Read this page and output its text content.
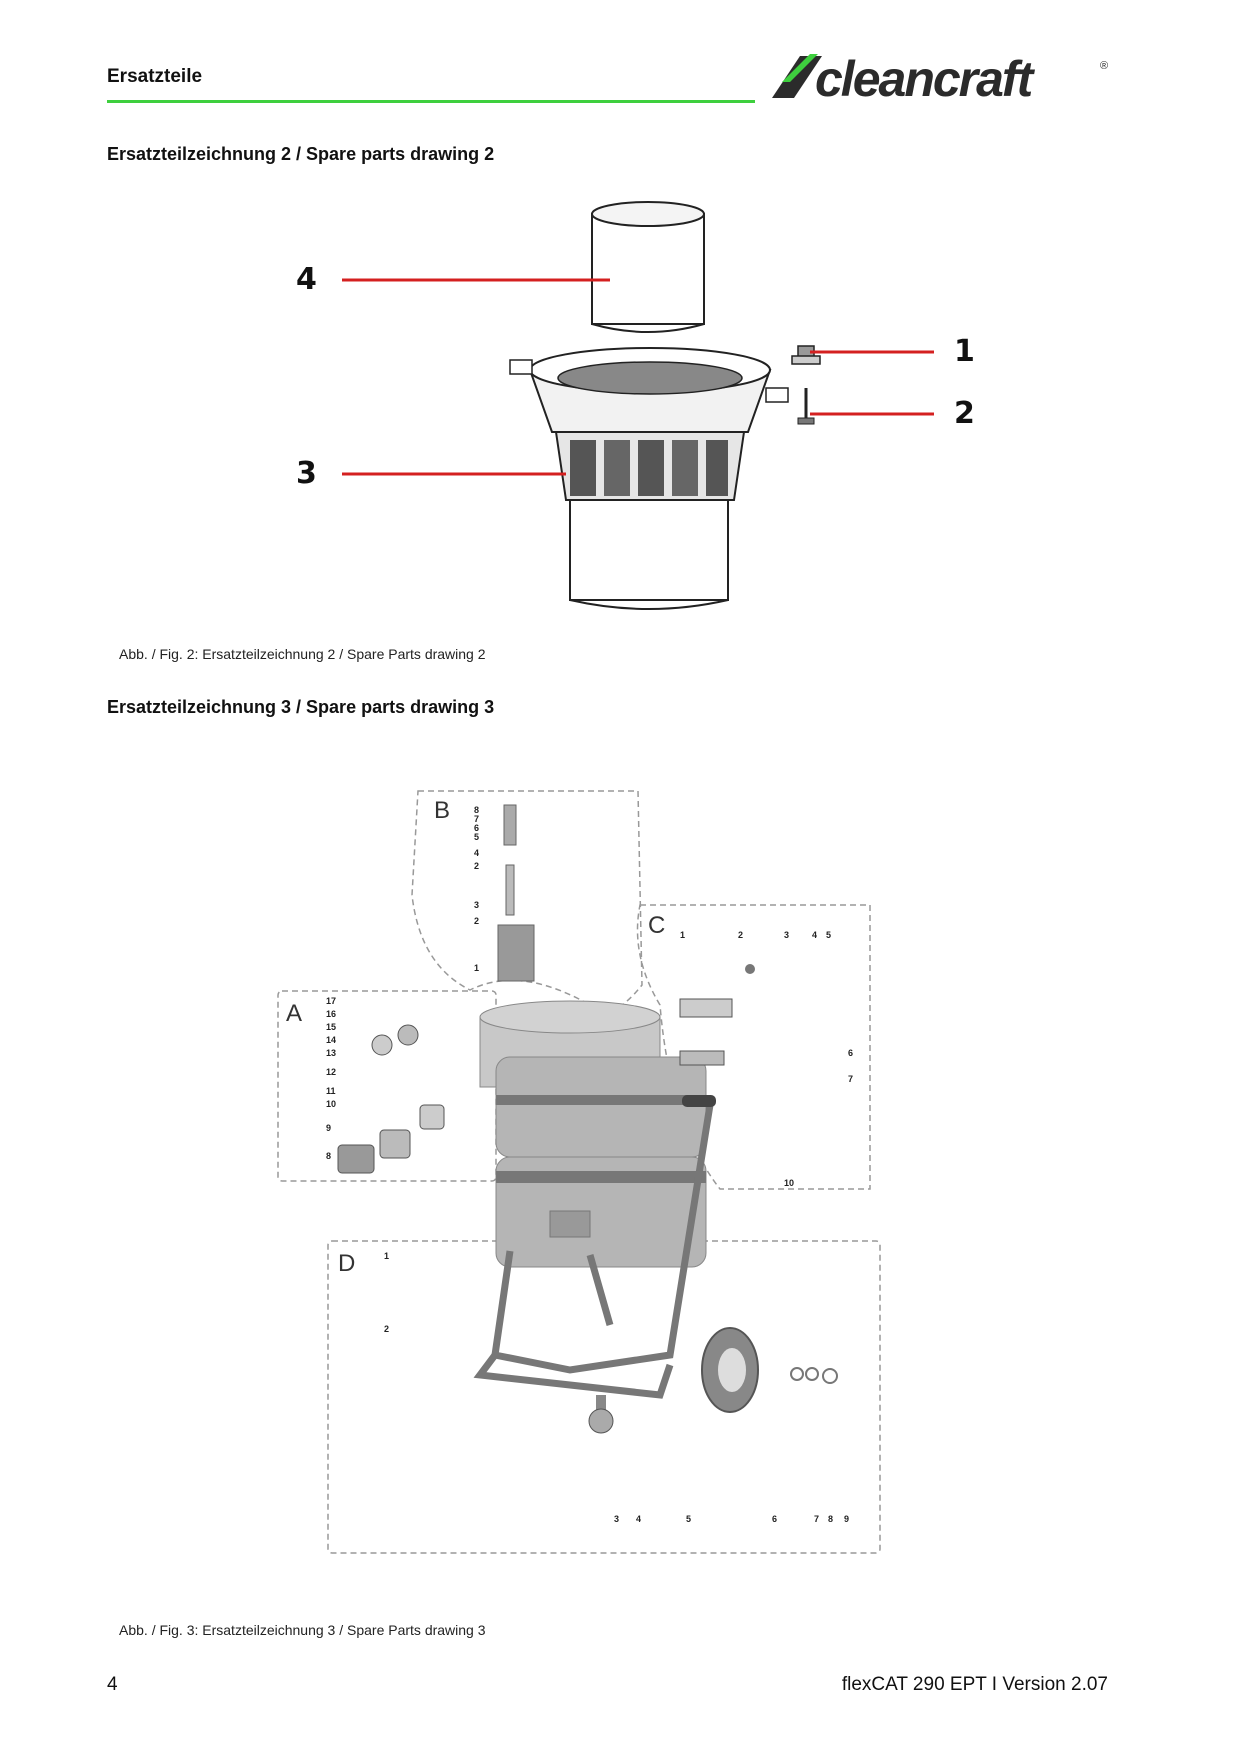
Ersatzteile	cleancraft	®
Ersatzteilzeichnung 2 / Spare parts drawing 2
4
3
1
2
Abb. / Fig. 2: Ersatzteilzeichnung 2 / Spare Parts drawing 2
Ersatzteilzeichnung 3 / Spare parts drawing 3
B
A
C
D
8
7
6
5
4
2
3
2
1
17
16
15
14
13
12
11
10
9
8
1	2	3	4 5
6
7
10
1
2
3 4	5	6	7 8 9
Abb. / Fig. 3: Ersatzteilzeichnung 3 / Spare Parts drawing 3
4	flexCAT 290 EPT I Version 2.07
